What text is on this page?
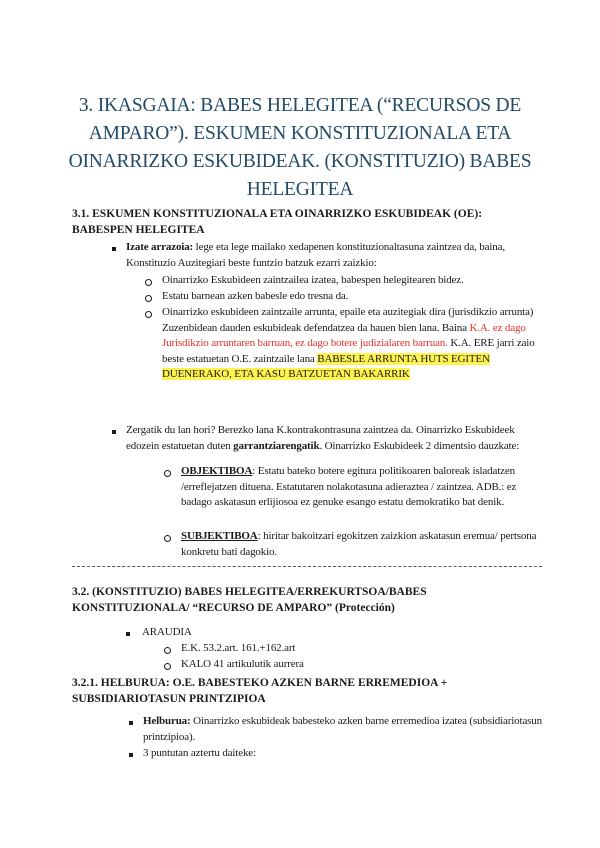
3. IKASGAIA: BABES HELEGITEA (“RECURSOS DE AMPARO”). ESKUMEN KONSTITUZIONALA ETA OINARRIZKO ESKUBIDEAK. (KONSTITUZIO) BABES HELEGITEA
3.1. ESKUMEN KONSTITUZIONALA ETA OINARRIZKO ESKUBIDEAK (OE): BABESPEN HELEGITEA
Izate arrazoia: lege eta lege mailako xedapenen konstituzionaltasuna zaintzea da, baina, Konstituzio Auzitegiari beste funtzio batzuk ezarri zaizkio:
Oinarrizko Eskubideen zaintzailea izatea, babespen helegitearen bidez.
Estatu barnean azken babesle edo tresna da.
Oinarrizko eskubideen zaintzaile arrunta, epaile eta auzitegiak dira (jurisdikzio arrunta) Zuzenbidean dauden eskubideak defendatzea da hauen bien lana. Baina K.A. ez dago Jurisdikzio arruntaren barruan, ez dago botere judizialaren barruan. K.A. ERE jarri zaio beste estatuetan O.E. zaintzaile lana BABESLE ARRUNTA HUTS EGITEN DUENERAKO, ETA KASU BATZUETAN BAKARRIK
Zergatik du lan hori? Berezko lana K.kontrakontrasuna zaintzea da. Oinarrizko Eskubideek edozein estatuetan duten garrantziarengatik. Oinarrizko Eskubideek 2 dimentsio dauzkate:
OBJEKTIBOA: Estatu bateko botere egitura politikoaren baloreak isladatzen /erreflejatzen dituena. Estatutaren nolakotasuna adieraztea / zaintzea. ADB.: ez badago askatasun erlijiosoa ez genuke esango estatu demokratiko bat denik.
SUBJEKTIBOA: hiritar bakoitzari egokitzen zaizkion askatasun eremua/ pertsona konkretu bati dagokio.
3.2. (KONSTITUZIO) BABES HELEGITEA/ERREKURTSOA/BABES KONSTITUZIONALA/ “RECURSO DE AMPARO” (Protección)
ARAUDIA
E.K. 53.2.art. 161.+162.art
KALO 41 artikulutik aurrera
3.2.1. HELBURUA: O.E. BABESTEKO AZKEN BARNE ERREMEDIOA + SUBSIDIARIOTASUN PRINTZIPIOA
Helburua: Oinarrizko eskubideak babesteko azken barne erremedioa izatea (subsidiariotasun printzipioa).
3 puntutan aztertu daiteke:
